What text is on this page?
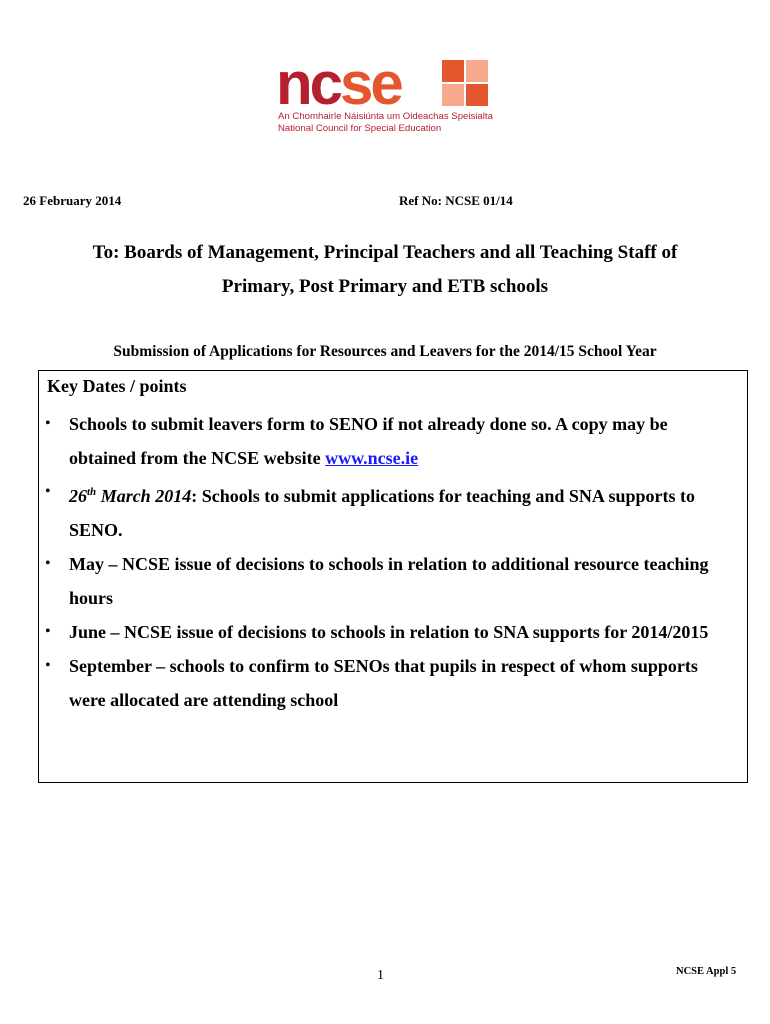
ncse
An Chomhairle Náisiúnta um Oideachas Speisialta
National Council for Special Education
26 February 2014	Ref No: NCSE 01/14
To: Boards of Management, Principal Teachers and all Teaching Staff of
Primary, Post Primary and ETB schools
Submission of Applications for Resources and Leavers for the 2014/15 School Year
Key Dates / points
• Schools to submit leavers form to SENO if not already done so. A copy may be obtained from the NCSE website www.ncse.ie
• 26th March 2014: Schools to submit applications for teaching and SNA supports to SENO.
• May – NCSE issue of decisions to schools in relation to additional resource teaching hours
• June – NCSE issue of decisions to schools in relation to SNA supports for 2014/2015
• September – schools to confirm to SENOs that pupils in respect of whom supports were allocated are attending school
1	NCSE Appl 5
